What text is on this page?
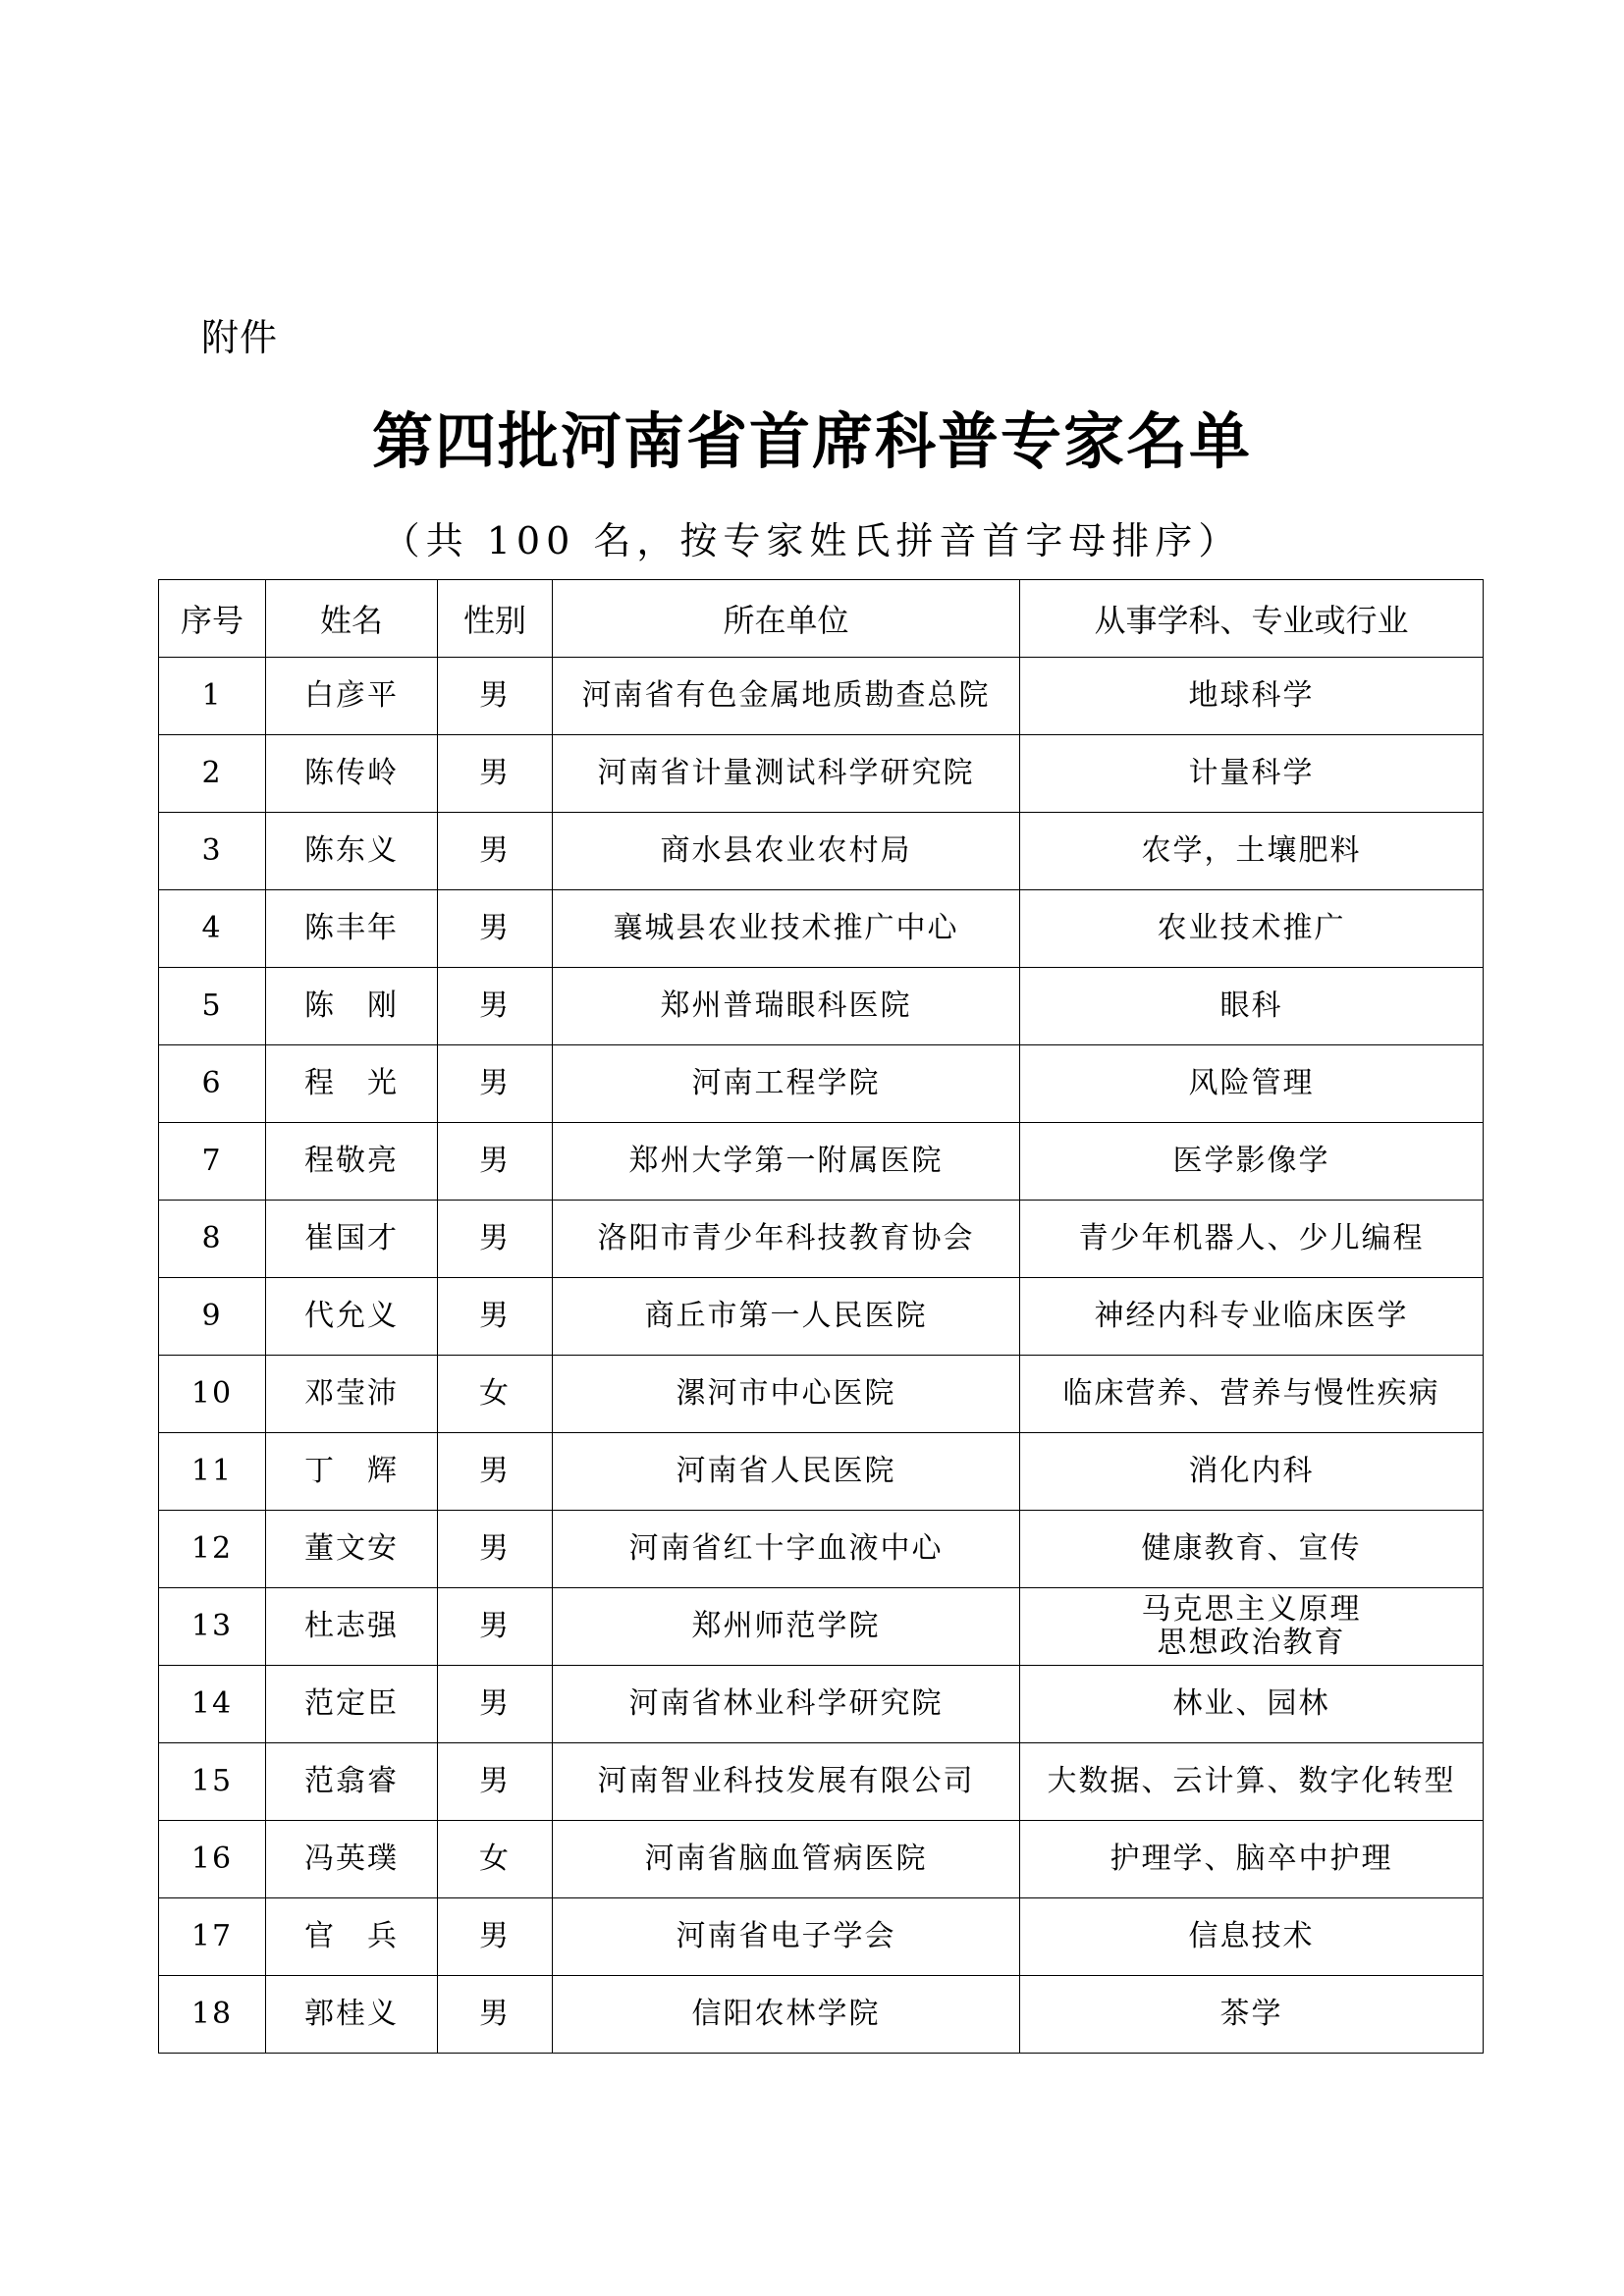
附件
第四批河南省首席科普专家名单
（共 100 名，按专家姓氏拼音首字母排序）
序号	姓名	性别	所在单位	从事学科、专业或行业
1	白彦平	男	河南省有色金属地质勘查总院	地球科学
2	陈传岭	男	河南省计量测试科学研究院	计量科学
3	陈东义	男	商水县农业农村局	农学，土壤肥料
4	陈丰年	男	襄城县农业技术推广中心	农业技术推广
5	陈　刚	男	郑州普瑞眼科医院	眼科
6	程　光	男	河南工程学院	风险管理
7	程敬亮	男	郑州大学第一附属医院	医学影像学
8	崔国才	男	洛阳市青少年科技教育协会	青少年机器人、少儿编程
9	代允义	男	商丘市第一人民医院	神经内科专业临床医学
10	邓莹沛	女	漯河市中心医院	临床营养、营养与慢性疾病
11	丁　辉	男	河南省人民医院	消化内科
12	董文安	男	河南省红十字血液中心	健康教育、宣传
13	杜志强	男	郑州师范学院	马克思主义原理
思想政治教育
14	范定臣	男	河南省林业科学研究院	林业、园林
15	范翕睿	男	河南智业科技发展有限公司	大数据、云计算、数字化转型
16	冯英璞	女	河南省脑血管病医院	护理学、脑卒中护理
17	官　兵	男	河南省电子学会	信息技术
18	郭桂义	男	信阳农林学院	茶学
